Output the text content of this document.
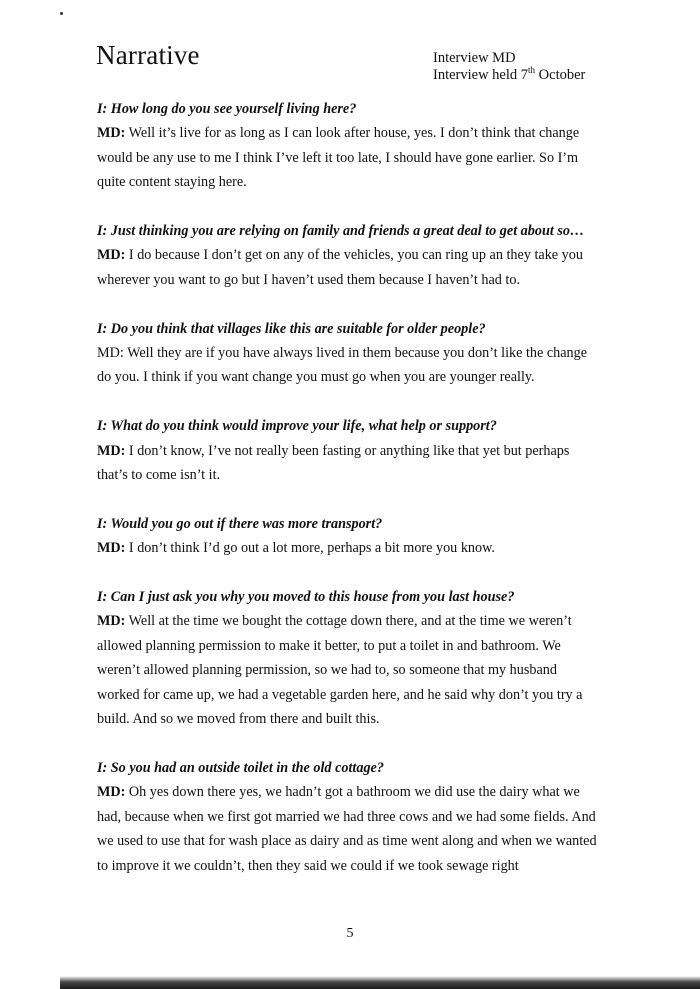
Narrative	Interview MD
Interview held 7th October

I: How long do you see yourself living here?

MD: Well it’s live for as long as I can look after house, yes. I don’t think that change would be any use to me I think I’ve left it too late, I should have gone earlier. So I’m quite content staying here.

I: Just thinking you are relying on family and friends a great deal to get about so…

MD: I do because I don’t get on any of the vehicles, you can ring up an they take you wherever you want to go but I haven’t used them because I haven’t had to.

I: Do you think that villages like this are suitable for older people?

MD: Well they are if you have always lived in them because you don’t like the change do you. I think if you want change you must go when you are younger really.

I: What do you think would improve your life, what help or support?

MD: I don’t know, I’ve not really been fasting or anything like that yet but perhaps that’s to come isn’t it.

I: Would you go out if there was more transport?

MD: I don’t think I’d go out a lot more, perhaps a bit more you know.

I: Can I just ask you why you moved to this house from you last house?

MD: Well at the time we bought the cottage down there, and at the time we weren’t allowed planning permission to make it better, to put a toilet in and bathroom. We weren’t allowed planning permission, so we had to, so someone that my husband worked for came up, we had a vegetable garden here, and he said why don’t you try a build. And so we moved from there and built this.

I: So you had an outside toilet in the old cottage?

MD: Oh yes down there yes, we hadn’t got a bathroom we did use the dairy what we had, because when we first got married we had three cows and we had some fields. And we used to use that for wash place as dairy and as time went along and when we wanted to improve it we couldn’t, then they said we could if we took sewage right

5
